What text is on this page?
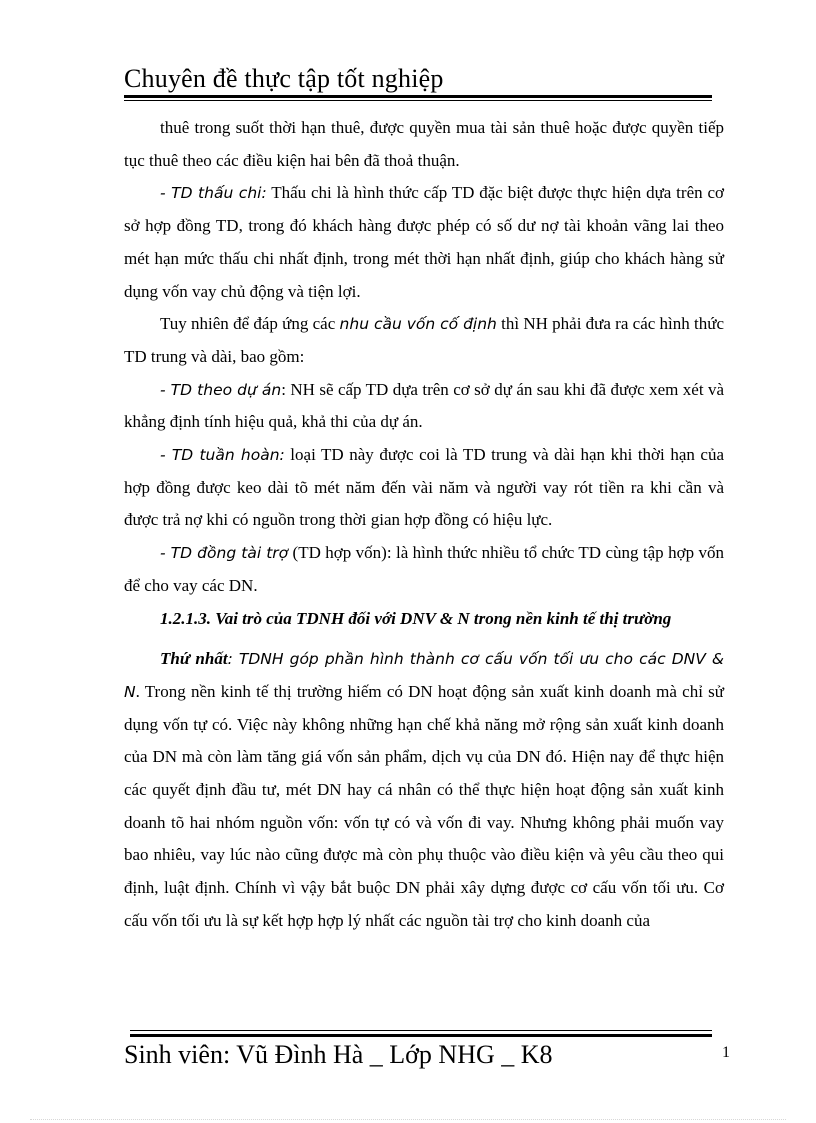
Chuyên đề thực tập tốt nghiệp

thuê trong suốt thời hạn thuê, được quyền mua tài sản thuê hoặc được quyền tiếp tục thuê theo các điều kiện hai bên đã thoả thuận.

- TD thấu chi: Thấu chi là hình thức cấp TD đặc biệt được thực hiện dựa trên cơ sở hợp đồng TD, trong đó khách hàng được phép có số dư nợ tài khoản vãng lai theo mét hạn mức thấu chi nhất định, trong mét thời hạn nhất định, giúp cho khách hàng sử dụng vốn vay chủ động và tiện lợi.

Tuy nhiên để đáp ứng các nhu cầu vốn cố định thì NH phải đưa ra các hình thức TD trung và dài, bao gồm:

- TD theo dự án: NH sẽ cấp TD dựa trên cơ sở dự án sau khi đã được xem xét và khẳng định tính hiệu quả, khả thi của dự án.

- TD tuần hoàn: loại TD này được coi là TD trung và dài hạn khi thời hạn của hợp đồng được keo dài tõ mét năm đến vài năm và người vay rót tiền ra khi cần và được trả nợ khi có nguồn trong thời gian hợp đồng có hiệu lực.

- TD đồng tài trợ (TD hợp vốn): là hình thức nhiều tổ chức TD cùng tập hợp vốn để cho vay các DN.

1.2.1.3. Vai trò của TDNH đối với DNV & N trong nền kinh tế thị trường

Thứ nhất: TDNH góp phần hình thành cơ cấu vốn tối ưu cho các DNV & N. Trong nền kinh tế thị trường hiếm có DN hoạt động sản xuất kinh doanh mà chỉ sử dụng vốn tự có. Việc này không những hạn chế khả năng mở rộng sản xuất kinh doanh của DN mà còn làm tăng giá vốn sản phẩm, dịch vụ của DN đó. Hiện nay để thực hiện các quyết định đầu tư, mét DN hay cá nhân có thể thực hiện hoạt động sản xuất kinh doanh tõ hai nhóm nguồn vốn: vốn tự có và vốn đi vay. Nhưng không phải muốn vay bao nhiêu, vay lúc nào cũng được mà còn phụ thuộc vào điều kiện và yêu cầu theo qui định, luật định. Chính vì vậy bắt buộc DN phải xây dựng được cơ cấu vốn tối ưu. Cơ cấu vốn tối ưu là sự kết hợp hợp lý nhất các nguồn tài trợ cho kinh doanh của

Sinh viên: Vũ Đình Hà _ Lớp NHG _ K8	1
